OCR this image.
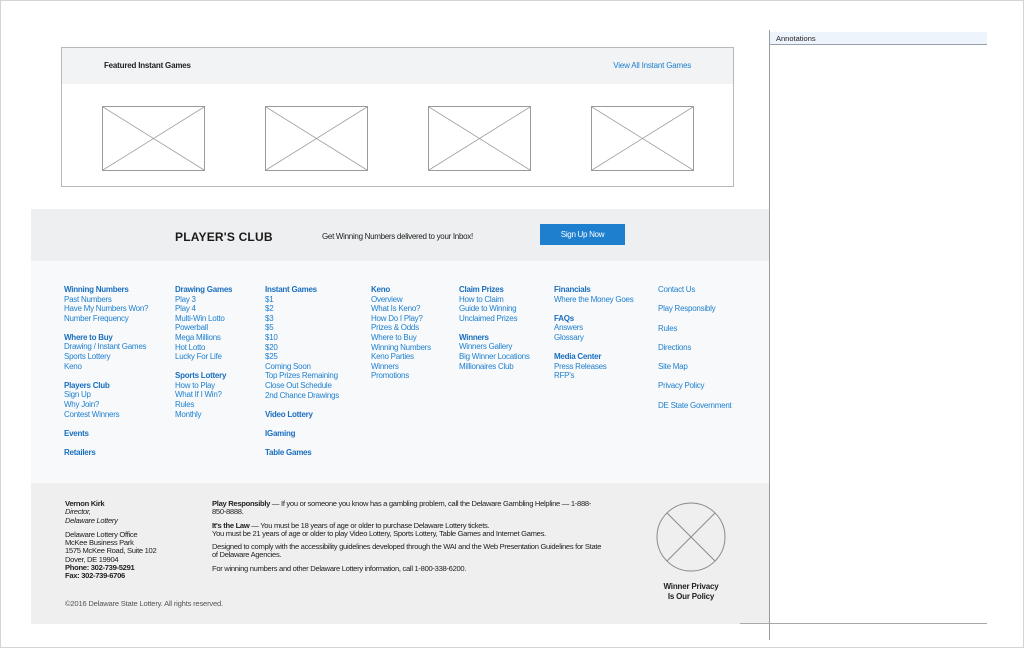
Featured Instant Games	View All Instant Games
PLAYER'S CLUB	Get Winning Numbers delivered to your Inbox!	Sign Up Now
Winning Numbers
Past Numbers
Have My Numbers Won?
Number Frequency
Where to Buy
Drawing / Instant Games
Sports Lottery
Keno
Players Club
Sign Up
Why Join?
Contest Winners
Events
Retailers
Drawing Games
Play 3
Play 4
Multi-Win Lotto
Powerball
Mega Millions
Hot Lotto
Lucky For Life
Sports Lottery
How to Play
What If I Win?
Rules
Monthly
Instant Games
$1
$2
$3
$5
$10
$20
$25
Coming Soon
Top Prizes Remaining
Close Out Schedule
2nd Chance Drawings
Video Lottery
IGaming
Table Games
Keno
Overview
What Is Keno?
How Do I Play?
Prizes & Odds
Where to Buy
Winning Numbers
Keno Parties
Winners
Promotions
Claim Prizes
How to Claim
Guide to Winning
Unclaimed Prizes
Winners
Winners Gallery
Big Winner Locations
Millionaires Club
Financials
Where the Money Goes
FAQs
Answers
Glossary
Media Center
Press Releases
RFP's
Contact Us
Play Responsibly
Rules
Directions
Site Map
Privacy Policy
DE State Government
Vernon Kirk
Director,
Delaware Lottery
Delaware Lottery Office
McKee Business Park
1575 McKee Road, Suite 102
Dover, DE 19904
Phone: 302-739-5291
Fax: 302-739-6706

Play Responsibly — If you or someone you know has a gambling problem, call the Delaware Gambling Helpline — 1-888-850-8888.

It's the Law — You must be 18 years of age or older to purchase Delaware Lottery tickets.
You must be 21 years of age or older to play Video Lottery, Sports Lottery, Table Games and Internet Games.

Designed to comply with the accessibility guidelines developed through the WAI and the Web Presentation Guidelines for State of Delaware Agencies.

For winning numbers and other Delaware Lottery information, call 1-800-338-6200.

©2016 Delaware State Lottery. All rights reserved.
Winner Privacy
Is Our Policy
Annotations
